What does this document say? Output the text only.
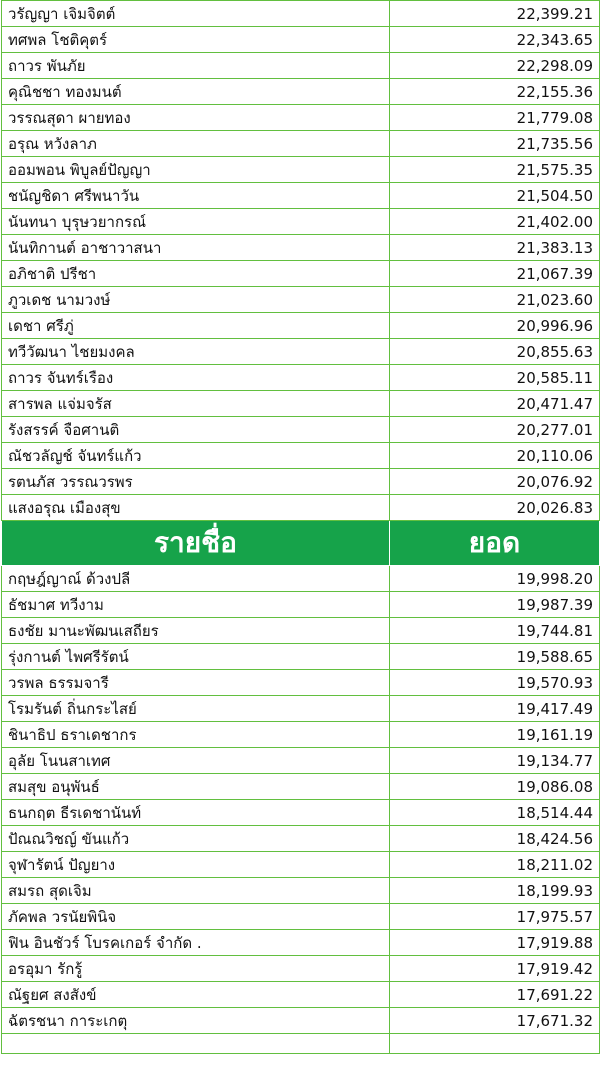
วรัญญา เจิมจิตต์	22,399.21
ทศพล โชติคุตร์	22,343.65
ถาวร พันภัย	22,298.09
คุณิชชา ทองมนต์	22,155.36
วรรณสุดา ผายทอง	21,779.08
อรุณ หวังลาภ	21,735.56
ออมพอน พิบูลย์ปัญญา	21,575.35
ชนัญชิดา ศรีพนาวัน	21,504.50
นันทนา บุรุษวยากรณ์	21,402.00
นันทิกานต์ อาชาวาสนา	21,383.13
อภิชาติ ปรีชา	21,067.39
ภูวเดช นามวงษ์	21,023.60
เดชา ศรีภู่	20,996.96
ทวีวัฒนา ไชยมงคล	20,855.63
ถาวร จันทร์เรือง	20,585.11
สารพล แจ่มจรัส	20,471.47
รังสรรค์ จือศานติ	20,277.01
ณัชวลัญช์ จันทร์แก้ว	20,110.06
รตนภัส วรรณวรพร	20,076.92
แสงอรุณ เมืองสุข	20,026.83
รายชื่อ	ยอด
กฤษฎ์ญาณ์ ด้วงปลี	19,998.20
ธัชมาศ ทวีงาม	19,987.39
ธงชัย มานะพัฒนเสถียร	19,744.81
รุ่งกานต์ ไพศรีรัตน์	19,588.65
วรพล ธรรมจารี	19,570.93
โรมรันต์ ถิ่นกระไสย์	19,417.49
ชินาธิป ธราเดชากร	19,161.19
อุลัย โนนสาเทศ	19,134.77
สมสุข อนุพันธ์	19,086.08
ธนกฤต ธีรเดชานันท์	18,514.44
ปัณณวิชญ์ ขันแก้ว	18,424.56
จุฬารัตน์ ปัญยาง	18,211.02
สมรถ สุดเจิม	18,199.93
ภัคพล วรนัยพินิจ	17,975.57
ฟิน อินชัวร์ โบรคเกอร์ จำกัด .	17,919.88
อรอุมา รักรู้	17,919.42
ณัฐยศ สงสังข์	17,691.22
ฉัตรชนา การะเกตุ	17,671.32
